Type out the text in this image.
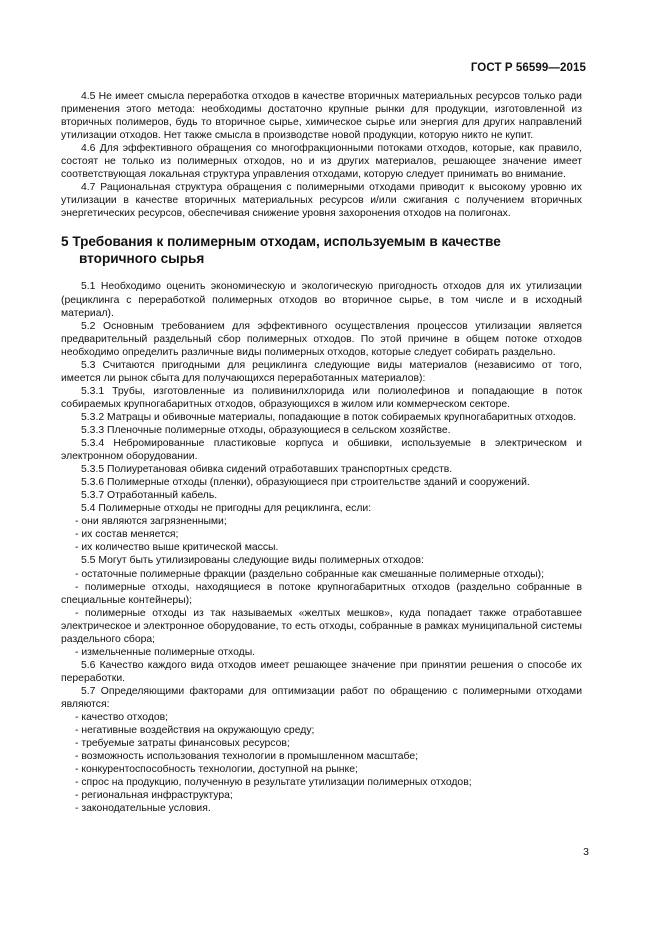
ГОСТ Р 56599—2015

4.5 Не имеет смысла переработка отходов в качестве вторичных материальных ресурсов только ради применения этого метода: необходимы достаточно крупные рынки для продукции, изготовленной из вторичных полимеров, будь то вторичное сырье, химическое сырье или энергия для других направлений утилизации отходов. Нет также смысла в производстве новой продукции, которую никто не купит.

4.6 Для эффективного обращения со многофракционными потоками отходов, которые, как правило, состоят не только из полимерных отходов, но и из других материалов, решающее значение имеет соответствующая локальная структура управления отходами, которую следует принимать во внимание.

4.7 Рациональная структура обращения с полимерными отходами приводит к высокому уровню их утилизации в качестве вторичных материальных ресурсов и/или сжигания с получением вторичных энергетических ресурсов, обеспечивая снижение уровня захоронения отходов на полигонах.

5 Требования к полимерным отходам, используемым в качестве
вторичного сырья

5.1 Необходимо оценить экономическую и экологическую пригодность отходов для их утилизации (рециклинга с переработкой полимерных отходов во вторичное сырье, в том числе и в исходный материал).

5.2 Основным требованием для эффективного осуществления процессов утилизации является предварительный раздельный сбор полимерных отходов. По этой причине в общем потоке отходов необходимо определить различные виды полимерных отходов, которые следует собирать раздельно.

5.3 Считаются пригодными для рециклинга следующие виды материалов (независимо от того, имеется ли рынок сбыта для получающихся переработанных материалов):

5.3.1 Трубы, изготовленные из поливинилхлорида или полиолефинов и попадающие в поток собираемых крупногабаритных отходов, образующихся в жилом или коммерческом секторе.

5.3.2 Матрацы и обивочные материалы, попадающие в поток собираемых крупногабаритных отходов.

5.3.3 Пленочные полимерные отходы, образующиеся в сельском хозяйстве.

5.3.4 Небромированные пластиковые корпуса и обшивки, используемые в электрическом и электронном оборудовании.

5.3.5 Полиуретановая обивка сидений отработавших транспортных средств.

5.3.6 Полимерные отходы (пленки), образующиеся при строительстве зданий и сооружений.

5.3.7 Отработанный кабель.

5.4 Полимерные отходы не пригодны для рециклинга, если:

- они являются загрязненными;

- их состав меняется;

- их количество выше критической массы.

5.5 Могут быть утилизированы следующие виды полимерных отходов:

- остаточные полимерные фракции (раздельно собранные как смешанные полимерные отходы);

- полимерные отходы, находящиеся в потоке крупногабаритных отходов (раздельно собранные в специальные контейнеры);

- полимерные отходы из так называемых «желтых мешков», куда попадает также отработавшее электрическое и электронное оборудование, то есть отходы, собранные в рамках муниципальной системы раздельного сбора;

- измельченные полимерные отходы.

5.6 Качество каждого вида отходов имеет решающее значение при принятии решения о способе их переработки.

5.7 Определяющими факторами для оптимизации работ по обращению с полимерными отходами являются:

- качество отходов;

- негативные воздействия на окружающую среду;

- требуемые затраты финансовых ресурсов;

- возможность использования технологии в промышленном масштабе;

- конкурентоспособность технологии, доступной на рынке;

- спрос на продукцию, полученную в результате утилизации полимерных отходов;

- региональная инфраструктура;

- законодательные условия.

3
